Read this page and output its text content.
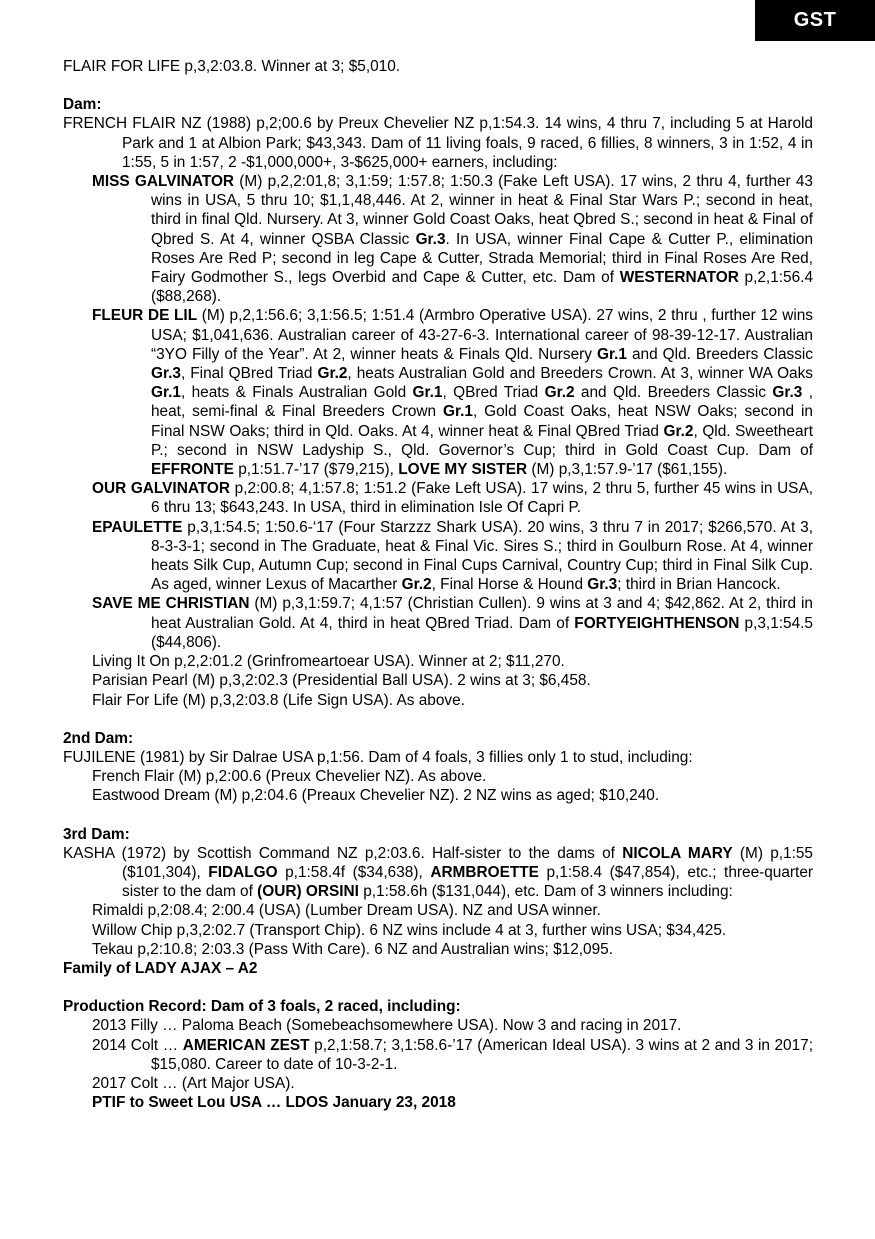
GST

FLAIR FOR LIFE p,3,2:03.8. Winner at 3; $5,010.

Dam:

FRENCH FLAIR NZ (1988) p,2;00.6 by Preux Chevelier NZ p,1:54.3. 14 wins, 4 thru 7, including 5 at Harold Park and 1 at Albion Park; $43,343. Dam of 11 living foals, 9 raced, 6 fillies, 8 winners, 3 in 1:52, 4 in 1:55, 5 in 1:57, 2 -$1,000,000+, 3-$625,000+ earners, including:

MISS GALVINATOR (M) p,2,2:01,8; 3,1:59; 1:57.8; 1:50.3 (Fake Left USA). 17 wins, 2 thru 4, further 43 wins in USA, 5 thru 10; $1,1,48,446. At 2, winner in heat & Final Star Wars P.; second in heat, third in final Qld. Nursery. At 3, winner Gold Coast Oaks, heat Qbred S.; second in heat & Final of Qbred S. At 4, winner QSBA Classic Gr.3. In USA, winner Final Cape & Cutter P., elimination Roses Are Red P; second in leg Cape & Cutter, Strada Memorial; third in Final Roses Are Red, Fairy Godmother S., legs Overbid and Cape & Cutter, etc. Dam of WESTERNATOR p,2,1:56.4 ($88,268).

FLEUR DE LIL (M) p,2,1:56.6; 3,1:56.5; 1:51.4 (Armbro Operative USA). 27 wins, 2 thru , further 12 wins USA; $1,041,636. Australian career of 43-27-6-3. International career of 98-39-12-17. Australian “3YO Filly of the Year”. At 2, winner heats & Finals Qld. Nursery Gr.1 and Qld. Breeders Classic Gr.3, Final QBred Triad Gr.2, heats Australian Gold and Breeders Crown. At 3, winner WA Oaks Gr.1, heats & Finals Australian Gold Gr.1, QBred Triad Gr.2 and Qld. Breeders Classic Gr.3 , heat, semi-final & Final Breeders Crown Gr.1, Gold Coast Oaks, heat NSW Oaks; second in Final NSW Oaks; third in Qld. Oaks. At 4, winner heat & Final QBred Triad Gr.2, Qld. Sweetheart P.; second in NSW Ladyship S., Qld. Governor’s Cup; third in Gold Coast Cup. Dam of EFFRONTE p,1:51.7-’17 ($79,215), LOVE MY SISTER (M) p,3,1:57.9-’17 ($61,155).

OUR GALVINATOR p,2:00.8; 4,1:57.8; 1:51.2 (Fake Left USA). 17 wins, 2 thru 5, further 45 wins in USA, 6 thru 13; $643,243. In USA, third in elimination Isle Of Capri P.

EPAULETTE p,3,1:54.5; 1:50.6-‘17 (Four Starzzz Shark USA). 20 wins, 3 thru 7 in 2017; $266,570. At 3, 8-3-3-1; second in The Graduate, heat & Final Vic. Sires S.; third in Goulburn Rose. At 4, winner heats Silk Cup, Autumn Cup; second in Final Cups Carnival, Country Cup; third in Final Silk Cup. As aged, winner Lexus of Macarther Gr.2, Final Horse & Hound Gr.3; third in Brian Hancock.

SAVE ME CHRISTIAN (M) p,3,1:59.7; 4,1:57 (Christian Cullen). 9 wins at 3 and 4; $42,862. At 2, third in heat Australian Gold. At 4, third in heat QBred Triad. Dam of FORTYEIGHTHENSON p,3,1:54.5 ($44,806).

Living It On p,2,2:01.2 (Grinfromeartoear USA). Winner at 2; $11,270.

Parisian Pearl (M) p,3,2:02.3 (Presidential Ball USA). 2 wins at 3; $6,458.

Flair For Life (M) p,3,2:03.8 (Life Sign USA). As above.

2nd Dam:

FUJILENE (1981) by Sir Dalrae USA p,1:56. Dam of 4 foals, 3 fillies only 1 to stud, including:

French Flair (M) p,2:00.6 (Preux Chevelier NZ). As above.

Eastwood Dream (M) p,2:04.6 (Preaux Chevelier NZ). 2 NZ wins as aged; $10,240.

3rd Dam:

KASHA (1972) by Scottish Command NZ p,2:03.6. Half-sister to the dams of NICOLA MARY (M) p,1:55 ($101,304), FIDALGO p,1:58.4f ($34,638), ARMBROETTE p,1:58.4 ($47,854), etc.; three-quarter sister to the dam of (OUR) ORSINI p,1:58.6h ($131,044), etc. Dam of 3 winners including:

Rimaldi p,2:08.4; 2:00.4 (USA) (Lumber Dream USA). NZ and USA winner.

Willow Chip p,3,2:02.7 (Transport Chip). 6 NZ wins include 4 at 3, further wins USA; $34,425.

Tekau p,2:10.8; 2:03.3 (Pass With Care). 6 NZ and Australian wins; $12,095.

Family of LADY AJAX – A2

Production Record: Dam of 3 foals, 2 raced, including:

2013 Filly … Paloma Beach (Somebeachsomewhere USA). Now 3 and racing in 2017.

2014 Colt … AMERICAN ZEST p,2,1:58.7; 3,1:58.6-’17 (American Ideal USA). 3 wins at 2 and 3 in 2017; $15,080. Career to date of 10-3-2-1.

2017 Colt … (Art Major USA).

PTIF to Sweet Lou USA … LDOS January 23, 2018
